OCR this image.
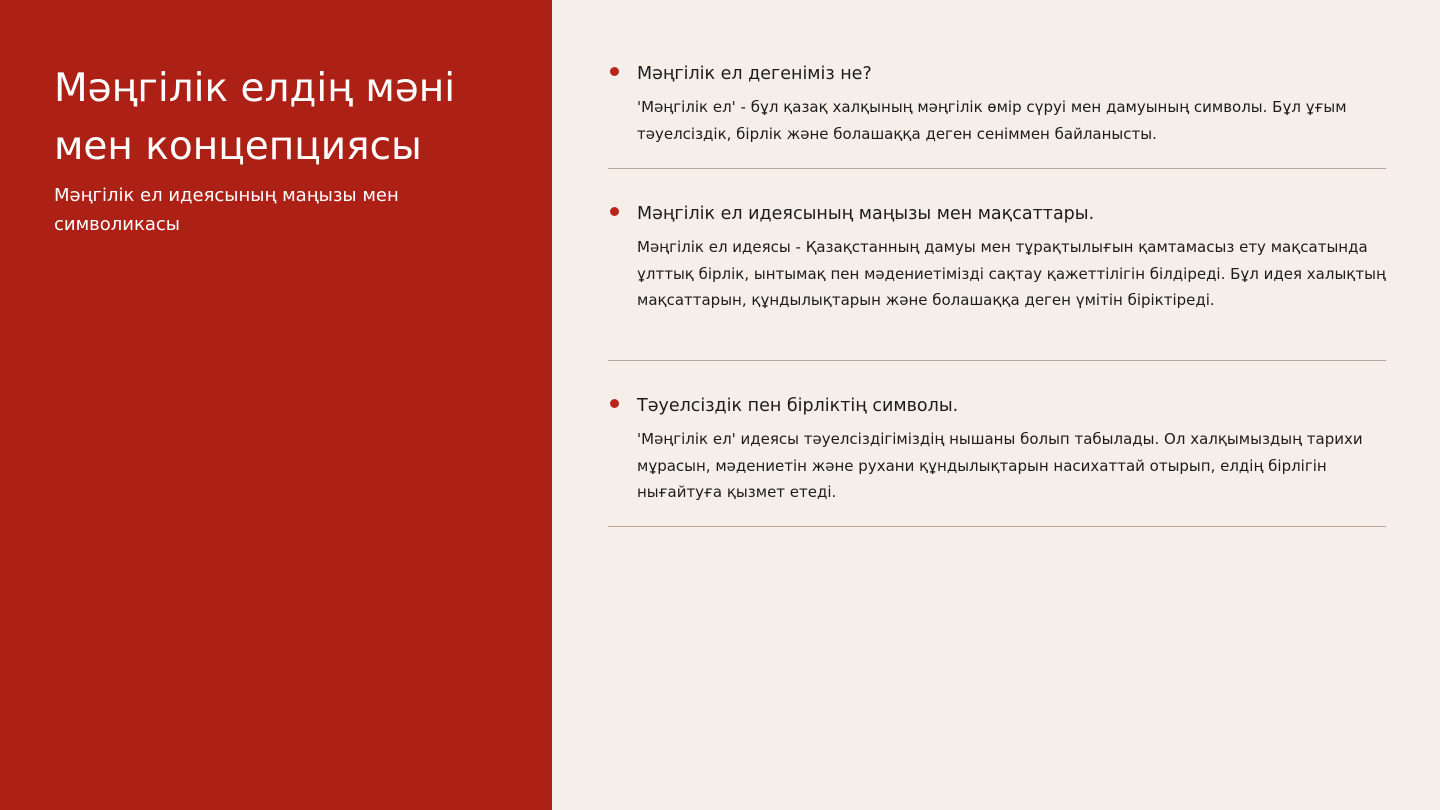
Мәңгілік елдің мәні мен концепциясы

Мәңгілік ел идеясының маңызы мен символикасы

Мәңгілік ел дегеніміз не?

'Мәңгілік ел' - бұл қазақ халқының мәңгілік өмір сүруі мен дамуының символы. Бұл ұғым тәуелсіздік, бірлік және болашаққа деген сеніммен байланысты.

Мәңгілік ел идеясының маңызы мен мақсаттары.

Мәңгілік ел идеясы - Қазақстанның дамуы мен тұрақтылығын қамтамасыз ету мақсатында ұлттық бірлік, ынтымақ пен мәдениетімізді сақтау қажеттілігін білдіреді. Бұл идея халықтың мақсаттарын, құндылықтарын және болашаққа деген үмітін біріктіреді.

Тәуелсіздік пен бірліктің символы.

'Мәңгілік ел' идеясы тәуелсіздігіміздің нышаны болып табылады. Ол халқымыздың тарихи мұрасын, мәдениетін және рухани құндылықтарын насихаттай отырып, елдің бірлігін нығайтуға қызмет етеді.
